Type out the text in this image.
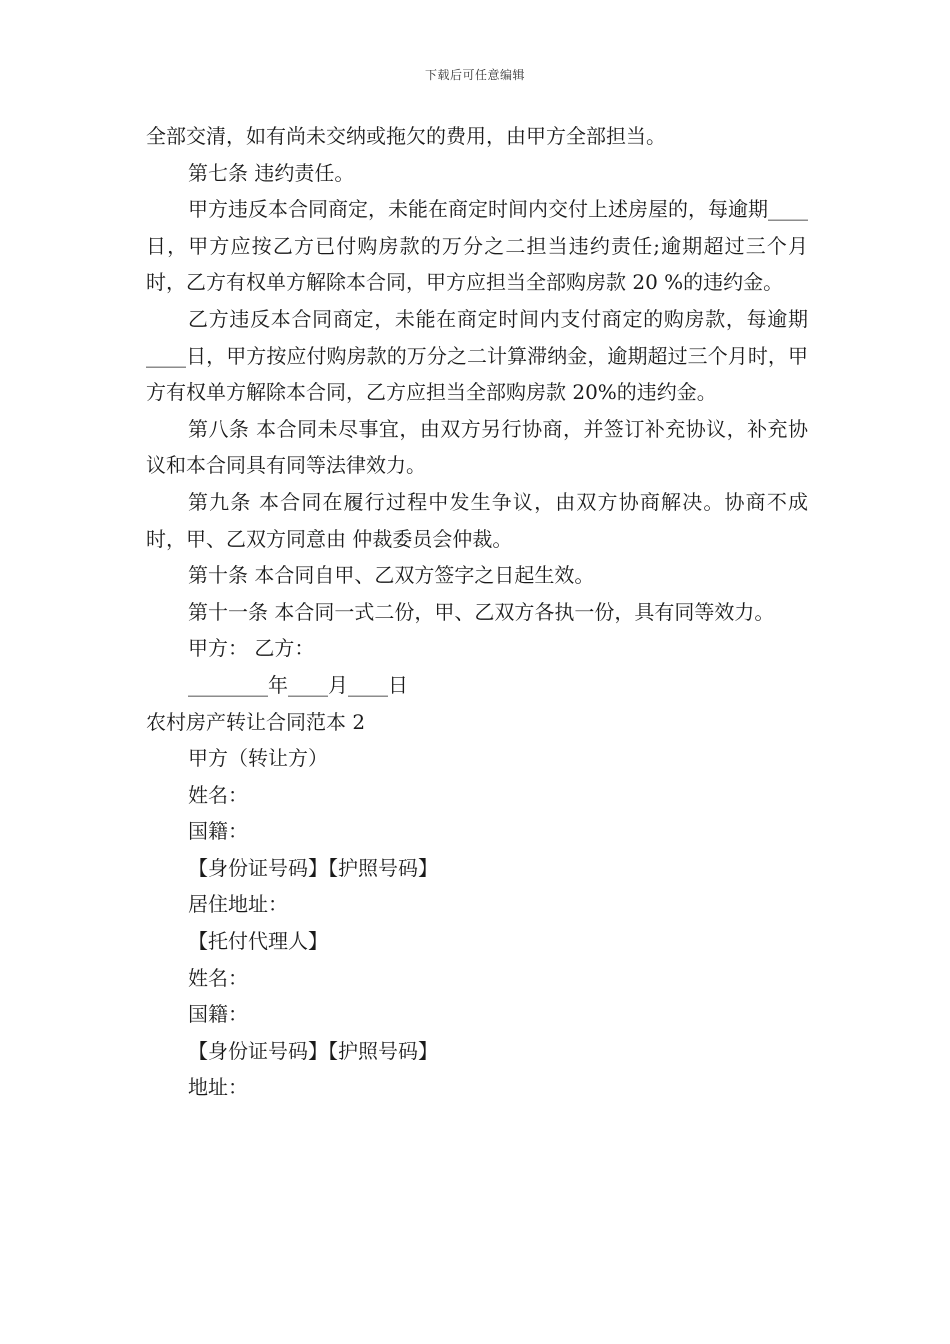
下载后可任意编辑

全部交清，如有尚未交纳或拖欠的费用，由甲方全部担当。

第七条 违约责任。

甲方违反本合同商定，未能在商定时间内交付上述房屋的，每逾期____日，甲方应按乙方已付购房款的万分之二担当违约责任;逾期超过三个月时，乙方有权单方解除本合同，甲方应担当全部购房款 20 %的违约金。

乙方违反本合同商定，未能在商定时间内支付商定的购房款，每逾期____日，甲方按应付购房款的万分之二计算滞纳金，逾期超过三个月时，甲方有权单方解除本合同，乙方应担当全部购房款 20%的违约金。

第八条 本合同未尽事宜，由双方另行协商，并签订补充协议，补充协议和本合同具有同等法律效力。

第九条 本合同在履行过程中发生争议，由双方协商解决。协商不成时，甲、乙双方同意由 仲裁委员会仲裁。

第十条 本合同自甲、乙双方签字之日起生效。

第十一条 本合同一式二份，甲、乙双方各执一份，具有同等效力。

甲方： 乙方：

________年____月____日

农村房产转让合同范本 2

甲方（转让方）

姓名：

国籍：

【身份证号码】【护照号码】

居住地址：

【托付代理人】

姓名：

国籍：

【身份证号码】【护照号码】

地址：
